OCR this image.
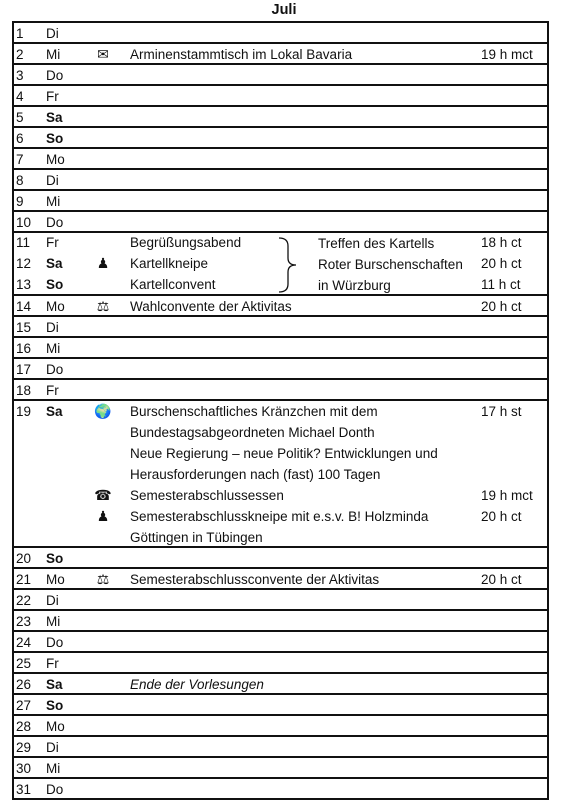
Juli
1 Di
2 Mi	✉	Arminenstammtisch im Lokal Bavaria	19 h mct
3 Do
4 Fr
5 Sa
6 So
7 Mo
8 Di
9 Mi
10 Do
11 Fr	Begrüßungsabend	18 h ct
12 Sa	♟	Kartellkneipe	20 h ct
13 So	Kartellconvent	11 h ct
Treffen des Kartells
Roter Burschenschaften
in Würzburg
14 Mo	⚖	Wahlconvente der Aktivitas	20 h ct
15 Di
16 Mi
17 Do
18 Fr
19 Sa 🌍 Burschenschaftliches Kränzchen mit dem	17 h st
Bundestagsabgeordneten Michael Donth
Neue Regierung – neue Politik? Entwicklungen und
Herausforderungen nach (fast) 100 Tagen
☎ Semesterabschlussessen	19 h mct
♟	Semesterabschlusskneipe mit e.s.v. B! Holzminda	20 h ct
Göttingen in Tübingen
20 So
21 Mo	⚖	Semesterabschlussconvente der Aktivitas	20 h ct
22 Di
23 Mi
24 Do
25 Fr
26 Sa	Ende der Vorlesungen
27 So
28 Mo
29 Di
30 Mi
31 Do
